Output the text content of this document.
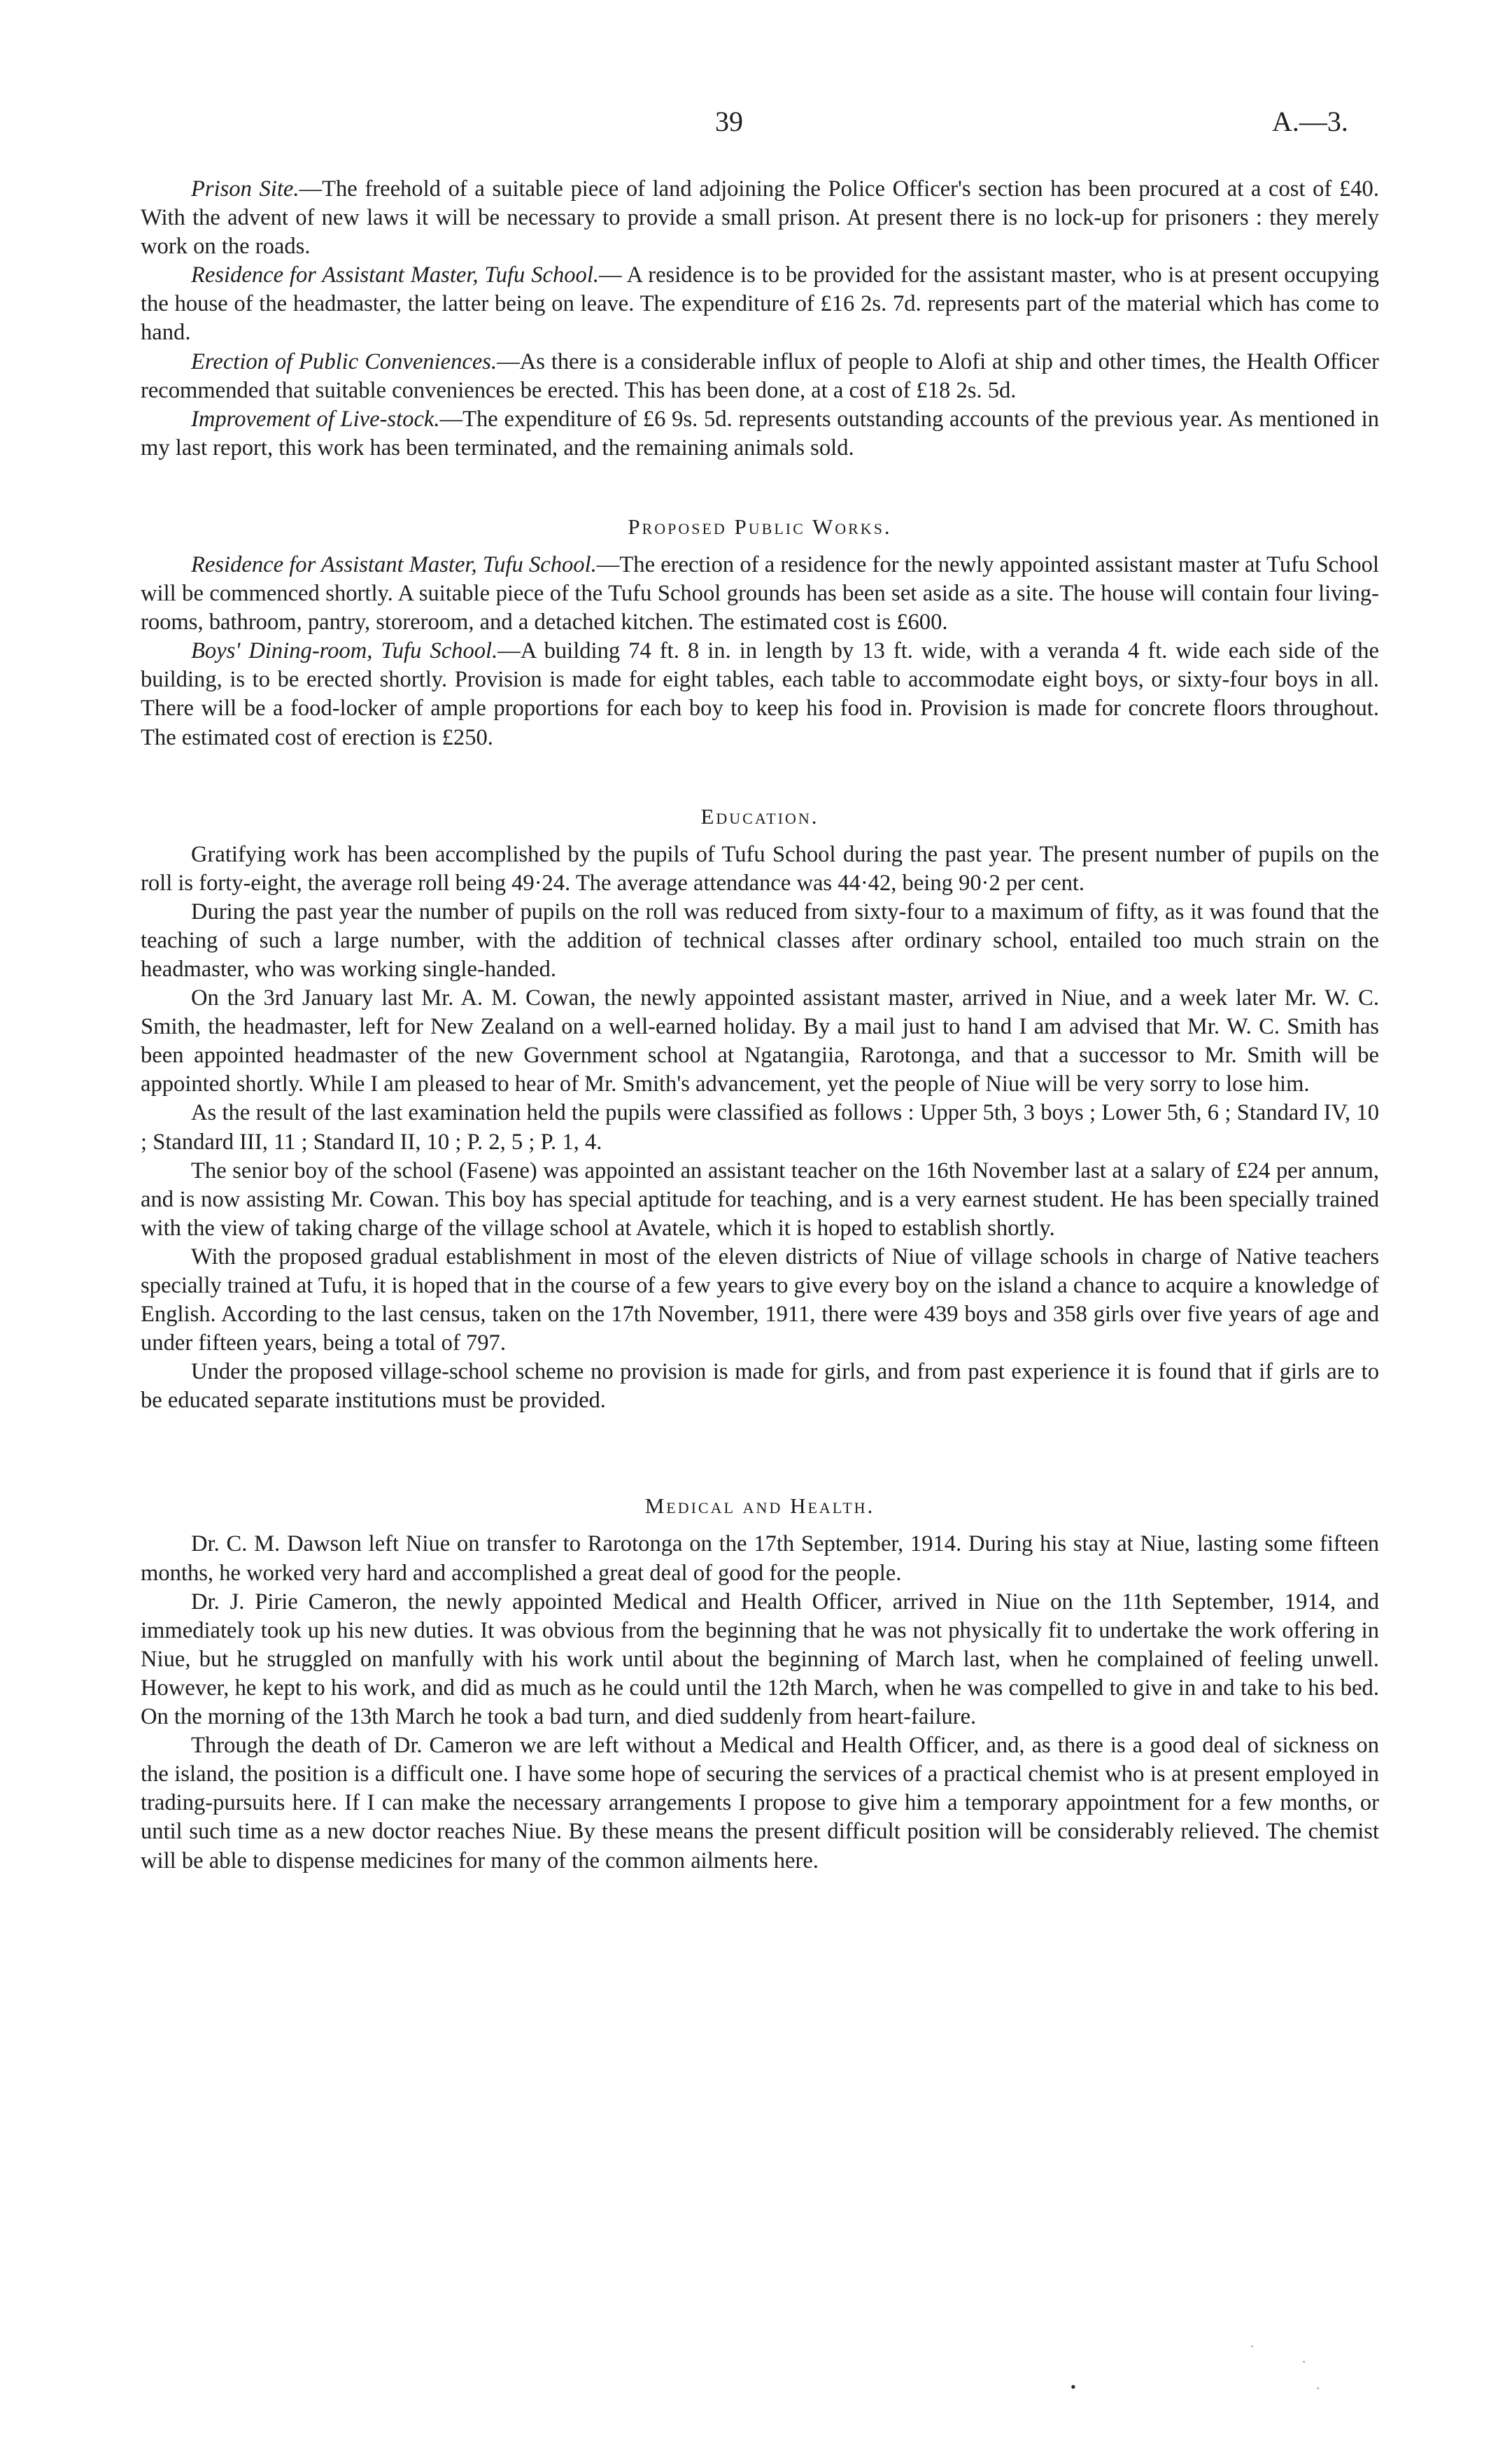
39	A.—3.

Prison Site.—The freehold of a suitable piece of land adjoining the Police Officer's section has been procured at a cost of £40. With the advent of new laws it will be necessary to provide a small prison. At present there is no lock-up for prisoners : they merely work on the roads.

Residence for Assistant Master, Tufu School.— A residence is to be provided for the assistant master, who is at present occupying the house of the headmaster, the latter being on leave. The expenditure of £16 2s. 7d. represents part of the material which has come to hand.

Erection of Public Conveniences.—As there is a considerable influx of people to Alofi at ship and other times, the Health Officer recommended that suitable conveniences be erected. This has been done, at a cost of £18 2s. 5d.

Improvement of Live-stock.—The expenditure of £6 9s. 5d. represents outstanding accounts of the previous year. As mentioned in my last report, this work has been terminated, and the remaining animals sold.

Proposed Public Works.

Residence for Assistant Master, Tufu School.—The erection of a residence for the newly appointed assistant master at Tufu School will be commenced shortly. A suitable piece of the Tufu School grounds has been set aside as a site. The house will contain four living-rooms, bathroom, pantry, storeroom, and a detached kitchen. The estimated cost is £600.

Boys' Dining-room, Tufu School.—A building 74 ft. 8 in. in length by 13 ft. wide, with a veranda 4 ft. wide each side of the building, is to be erected shortly. Provision is made for eight tables, each table to accommodate eight boys, or sixty-four boys in all. There will be a food-locker of ample proportions for each boy to keep his food in. Provision is made for concrete floors throughout. The estimated cost of erection is £250.

Education.

Gratifying work has been accomplished by the pupils of Tufu School during the past year. The present number of pupils on the roll is forty-eight, the average roll being 49·24. The average attendance was 44·42, being 90·2 per cent.

During the past year the number of pupils on the roll was reduced from sixty-four to a maximum of fifty, as it was found that the teaching of such a large number, with the addition of technical classes after ordinary school, entailed too much strain on the headmaster, who was working single-handed.

On the 3rd January last Mr. A. M. Cowan, the newly appointed assistant master, arrived in Niue, and a week later Mr. W. C. Smith, the headmaster, left for New Zealand on a well-earned holiday. By a mail just to hand I am advised that Mr. W. C. Smith has been appointed headmaster of the new Government school at Ngatangiia, Rarotonga, and that a successor to Mr. Smith will be appointed shortly. While I am pleased to hear of Mr. Smith's advancement, yet the people of Niue will be very sorry to lose him.

As the result of the last examination held the pupils were classified as follows : Upper 5th, 3 boys ; Lower 5th, 6 ; Standard IV, 10 ; Standard III, 11 ; Standard II, 10 ; P. 2, 5 ; P. 1, 4.

The senior boy of the school (Fasene) was appointed an assistant teacher on the 16th November last at a salary of £24 per annum, and is now assisting Mr. Cowan. This boy has special aptitude for teaching, and is a very earnest student. He has been specially trained with the view of taking charge of the village school at Avatele, which it is hoped to establish shortly.

With the proposed gradual establishment in most of the eleven districts of Niue of village schools in charge of Native teachers specially trained at Tufu, it is hoped that in the course of a few years to give every boy on the island a chance to acquire a knowledge of English. According to the last census, taken on the 17th November, 1911, there were 439 boys and 358 girls over five years of age and under fifteen years, being a total of 797.

Under the proposed village-school scheme no provision is made for girls, and from past experience it is found that if girls are to be educated separate institutions must be provided.

Medical and Health.

Dr. C. M. Dawson left Niue on transfer to Rarotonga on the 17th September, 1914. During his stay at Niue, lasting some fifteen months, he worked very hard and accomplished a great deal of good for the people.

Dr. J. Pirie Cameron, the newly appointed Medical and Health Officer, arrived in Niue on the 11th September, 1914, and immediately took up his new duties. It was obvious from the beginning that he was not physically fit to undertake the work offering in Niue, but he struggled on manfully with his work until about the beginning of March last, when he complained of feeling unwell. However, he kept to his work, and did as much as he could until the 12th March, when he was compelled to give in and take to his bed. On the morning of the 13th March he took a bad turn, and died suddenly from heart-failure.

Through the death of Dr. Cameron we are left without a Medical and Health Officer, and, as there is a good deal of sickness on the island, the position is a difficult one. I have some hope of securing the services of a practical chemist who is at present employed in trading-pursuits here. If I can make the necessary arrangements I propose to give him a temporary appointment for a few months, or until such time as a new doctor reaches Niue. By these means the present difficult position will be considerably relieved. The chemist will be able to dispense medicines for many of the common ailments here.

·
·
·
•
